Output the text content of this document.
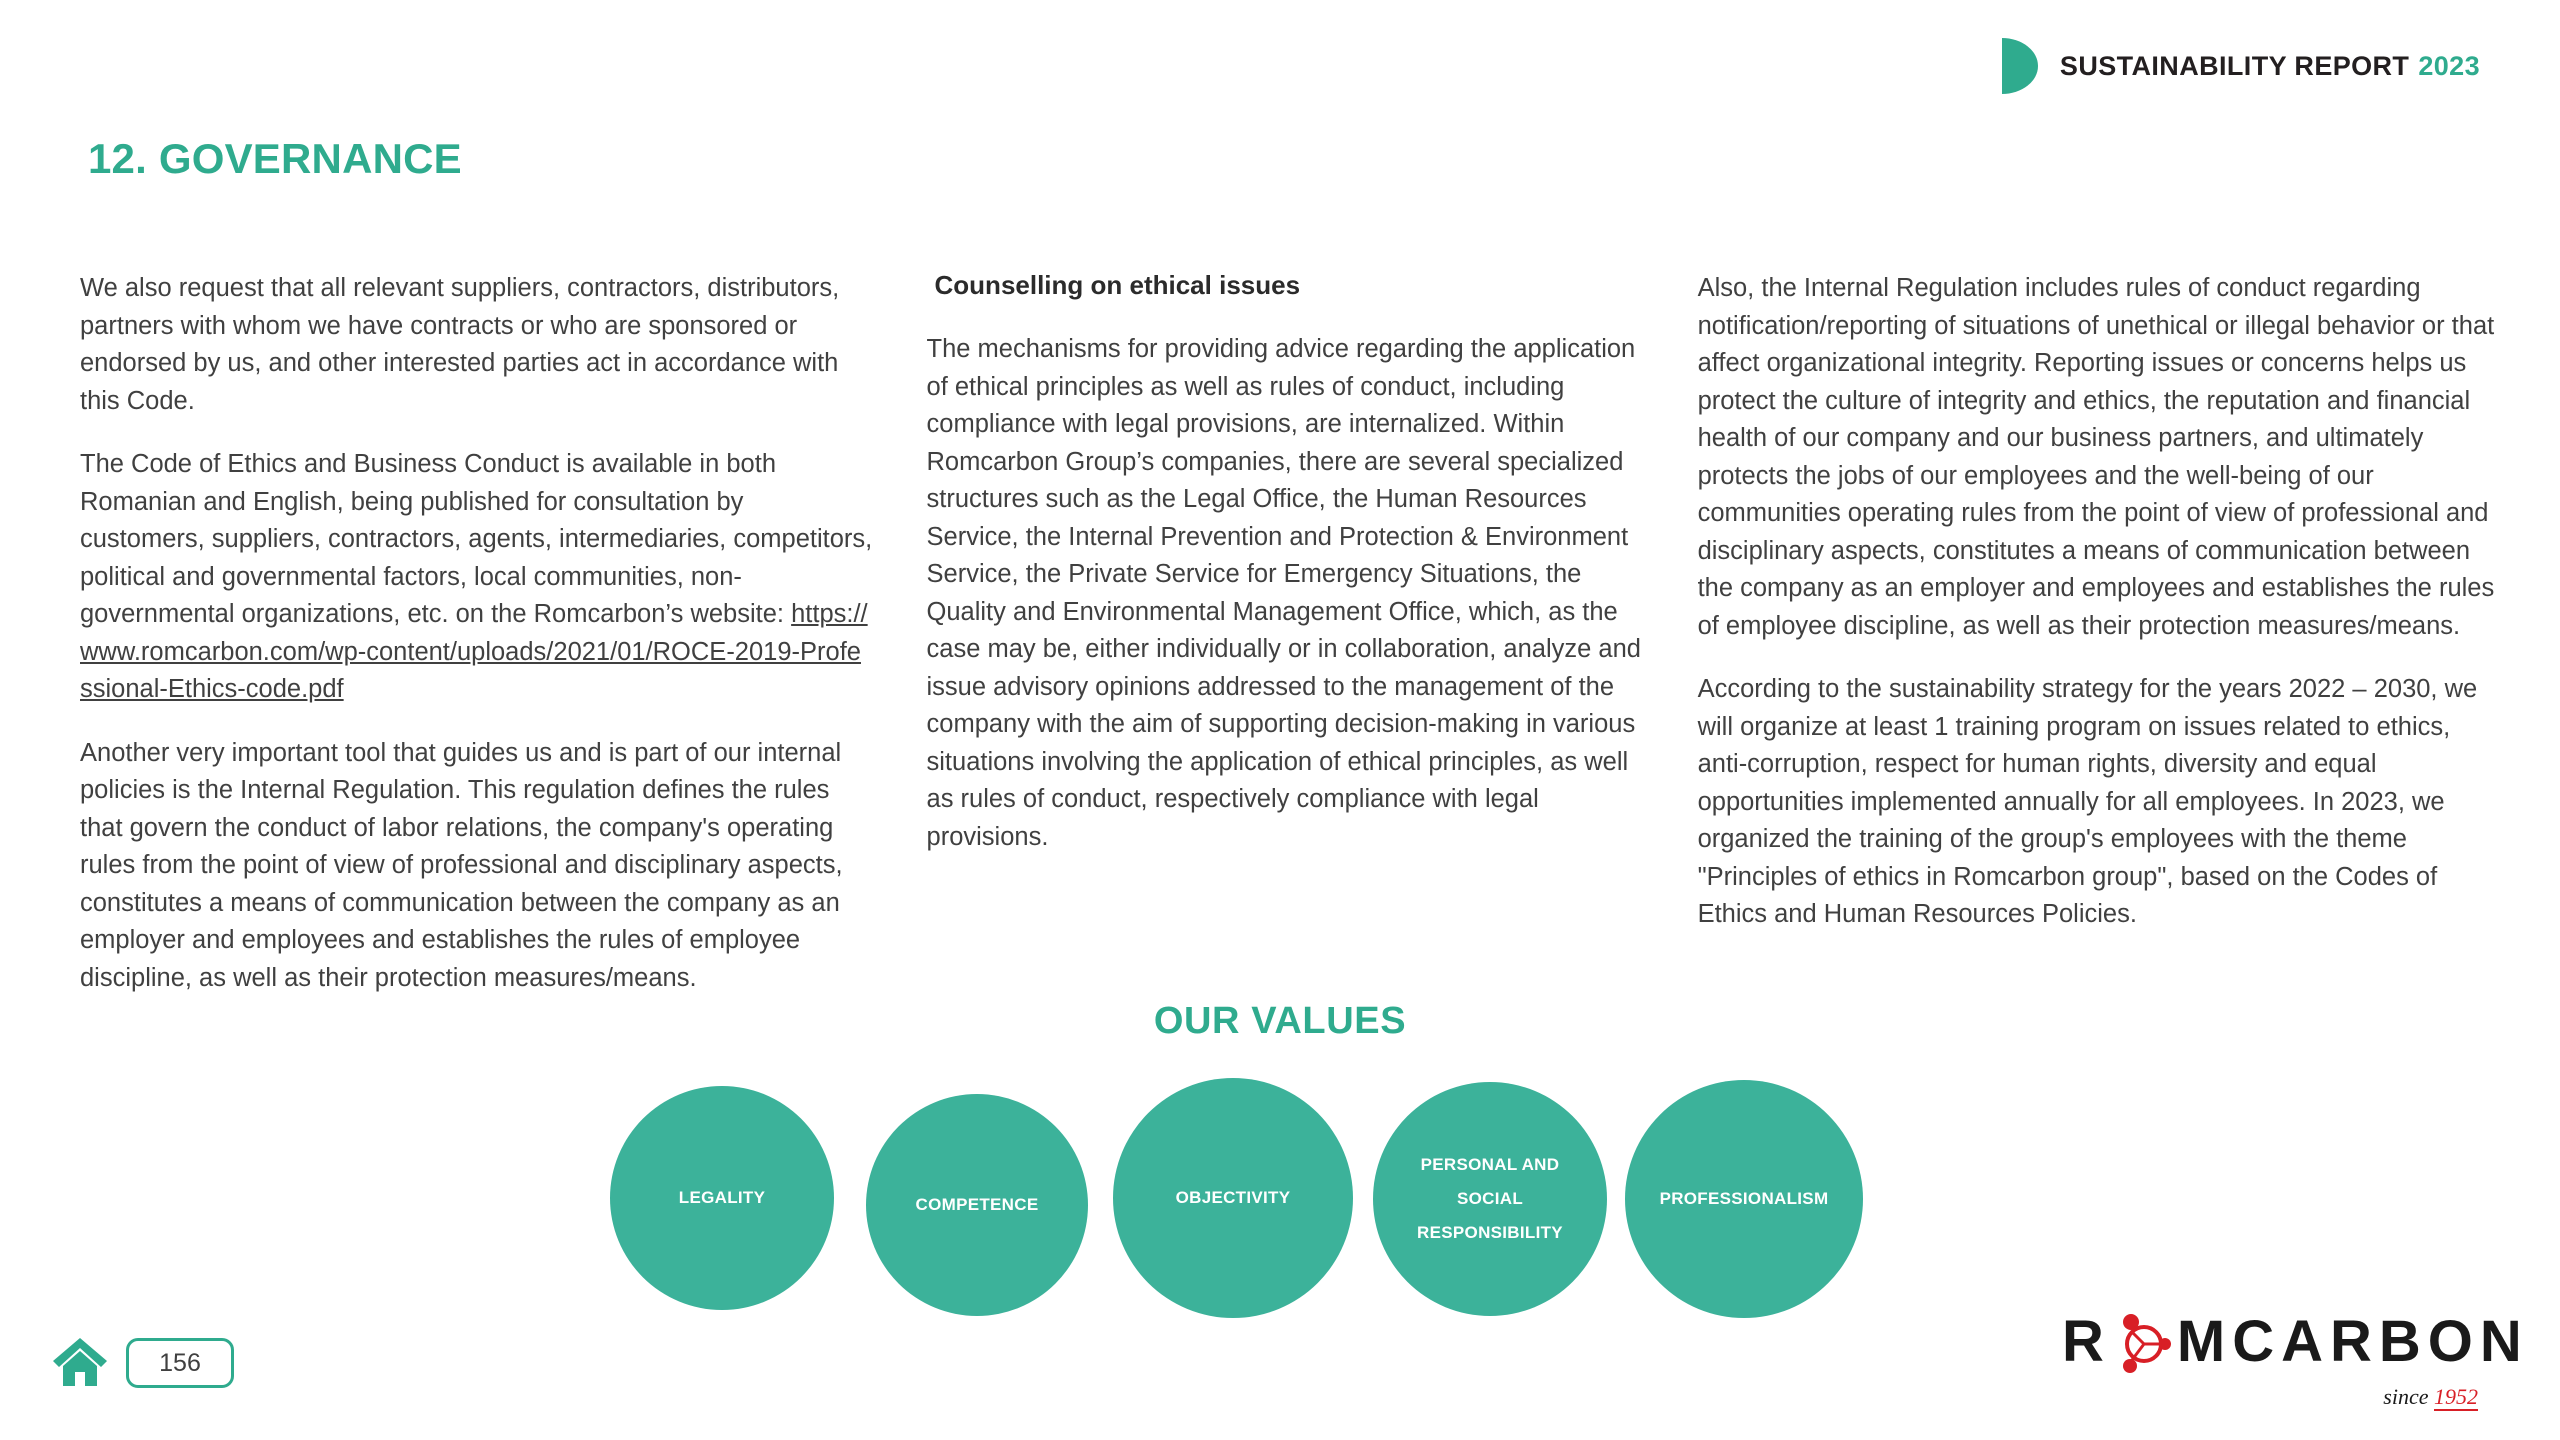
SUSTAINABILITY REPORT 2023
12. GOVERNANCE

We also request that all relevant suppliers, contractors, distributors, partners with whom we have contracts or who are sponsored or endorsed by us, and other interested parties act in accordance with this Code.

The Code of Ethics and Business Conduct is available in both Romanian and English, being published for consultation by customers, suppliers, contractors, agents, intermediaries, competitors, political and governmental factors, local communities, non-governmental organizations, etc. on the Romcarbon’s website: https://www.romcarbon.com/wp-content/uploads/2021/01/ROCE-2019-Professional-Ethics-code.pdf

Another very important tool that guides us and is part of our internal policies is the Internal Regulation. This regulation defines the rules that govern the conduct of labor relations, the company's operating rules from the point of view of professional and disciplinary aspects, constitutes a means of communication between the company as an employer and employees and establishes the rules of employee discipline, as well as their protection measures/means.

Counselling on ethical issues

The mechanisms for providing advice regarding the application of ethical principles as well as rules of conduct, including compliance with legal provisions, are internalized. Within Romcarbon Group’s companies, there are several specialized structures such as the Legal Office, the Human Resources Service, the Internal Prevention and Protection & Environment Service, the Private Service for Emergency Situations, the Quality and Environmental Management Office, which, as the case may be, either individually or in collaboration, analyze and issue advisory opinions addressed to the management of the company with the aim of supporting decision-making in various situations involving the application of ethical principles, as well as rules of conduct, respectively compliance with legal provisions.

Also, the Internal Regulation includes rules of conduct regarding notification/reporting of situations of unethical or illegal behavior or that affect organizational integrity. Reporting issues or concerns helps us protect the culture of integrity and ethics, the reputation and financial health of our company and our business partners, and ultimately protects the jobs of our employees and the well-being of our communities operating rules from the point of view of professional and disciplinary aspects, constitutes a means of communication between the company as an employer and employees and establishes the rules of employee discipline, as well as their protection measures/means.

According to the sustainability strategy for the years 2022 – 2030, we will organize at least 1 training program on issues related to ethics, anti-corruption, respect for human rights, diversity and equal opportunities implemented annually for all employees. In 2023, we organized the training of the group's employees with the theme "Principles of ethics in Romcarbon group", based on the Codes of Ethics and Human Resources Policies.

OUR VALUES
LEGALITY	COMPETENCE	OBJECTIVITY
PERSONAL AND SOCIAL RESPONSIBILITY
PROFESSIONALISM
156	R MCARBON
since 1952
